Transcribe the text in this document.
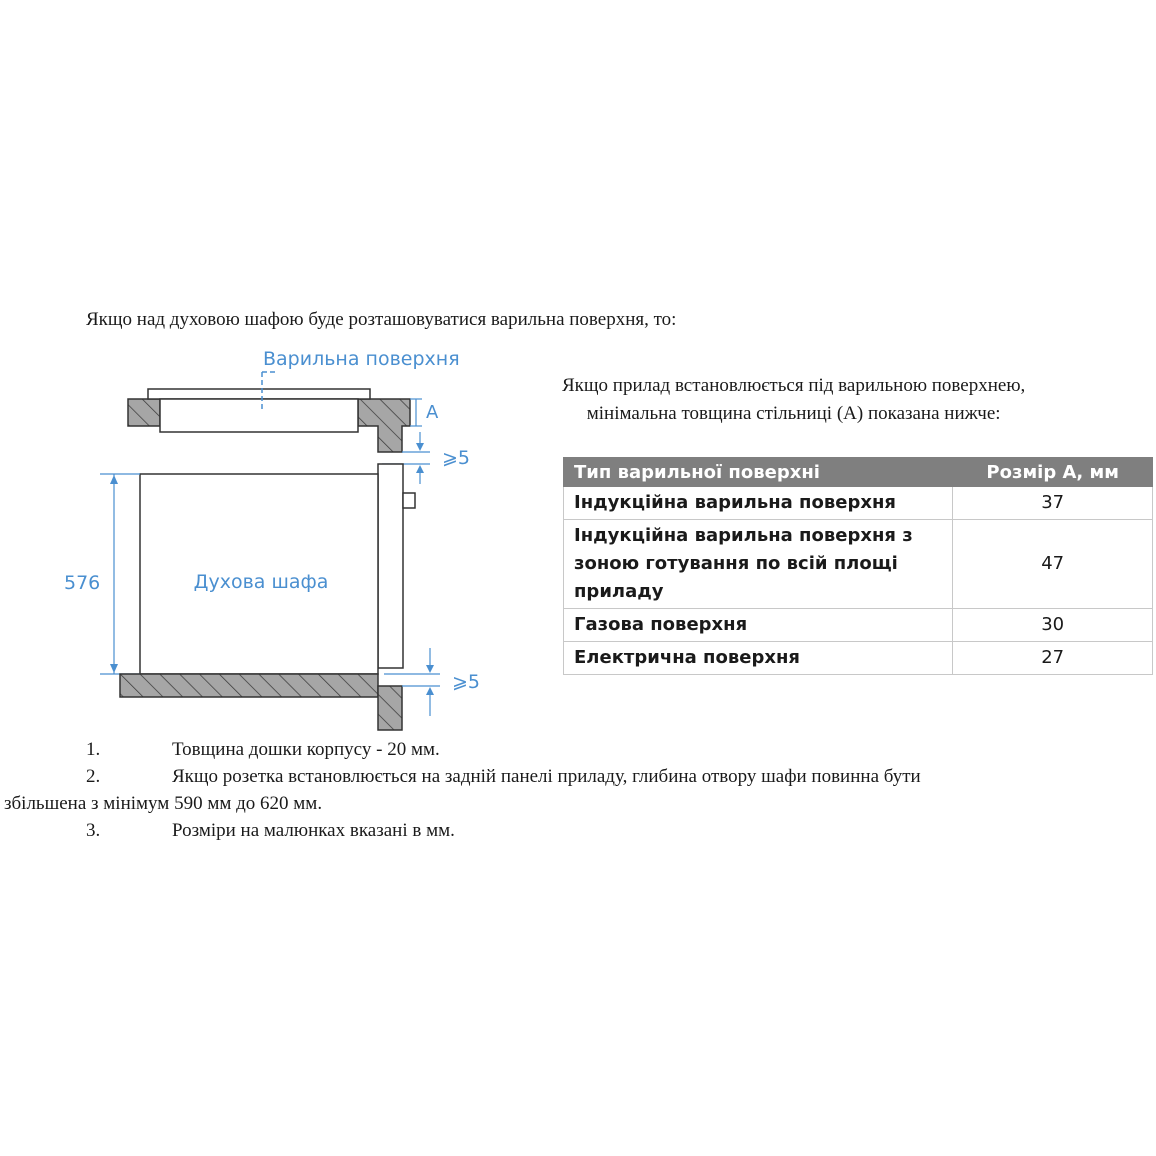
Якщо над духовою шафою буде розташовуватися варильна поверхня, то:
Варильна поверхня
A
⩾5
Духова шафа
576
⩾5
Якщо прилад встановлюється під варильною поверхнею,
мінімальна товщина стільниці (А) показана нижче:
Тип варильної поверхні	Розмір А, мм
Індукційна варильна поверхня	37
Індукційна варильна поверхня з зоною готування по всій площі приладу	47
Газова поверхня	30
Електрична поверхня	27
1.	Товщина дошки корпусу - 20 мм.
2.	Якщо розетка встановлюється на задній панелі приладу, глибина отвору шафи повинна бути
збільшена з мінімум 590 мм до 620 мм.
3.	Розміри на малюнках вказані в мм.
